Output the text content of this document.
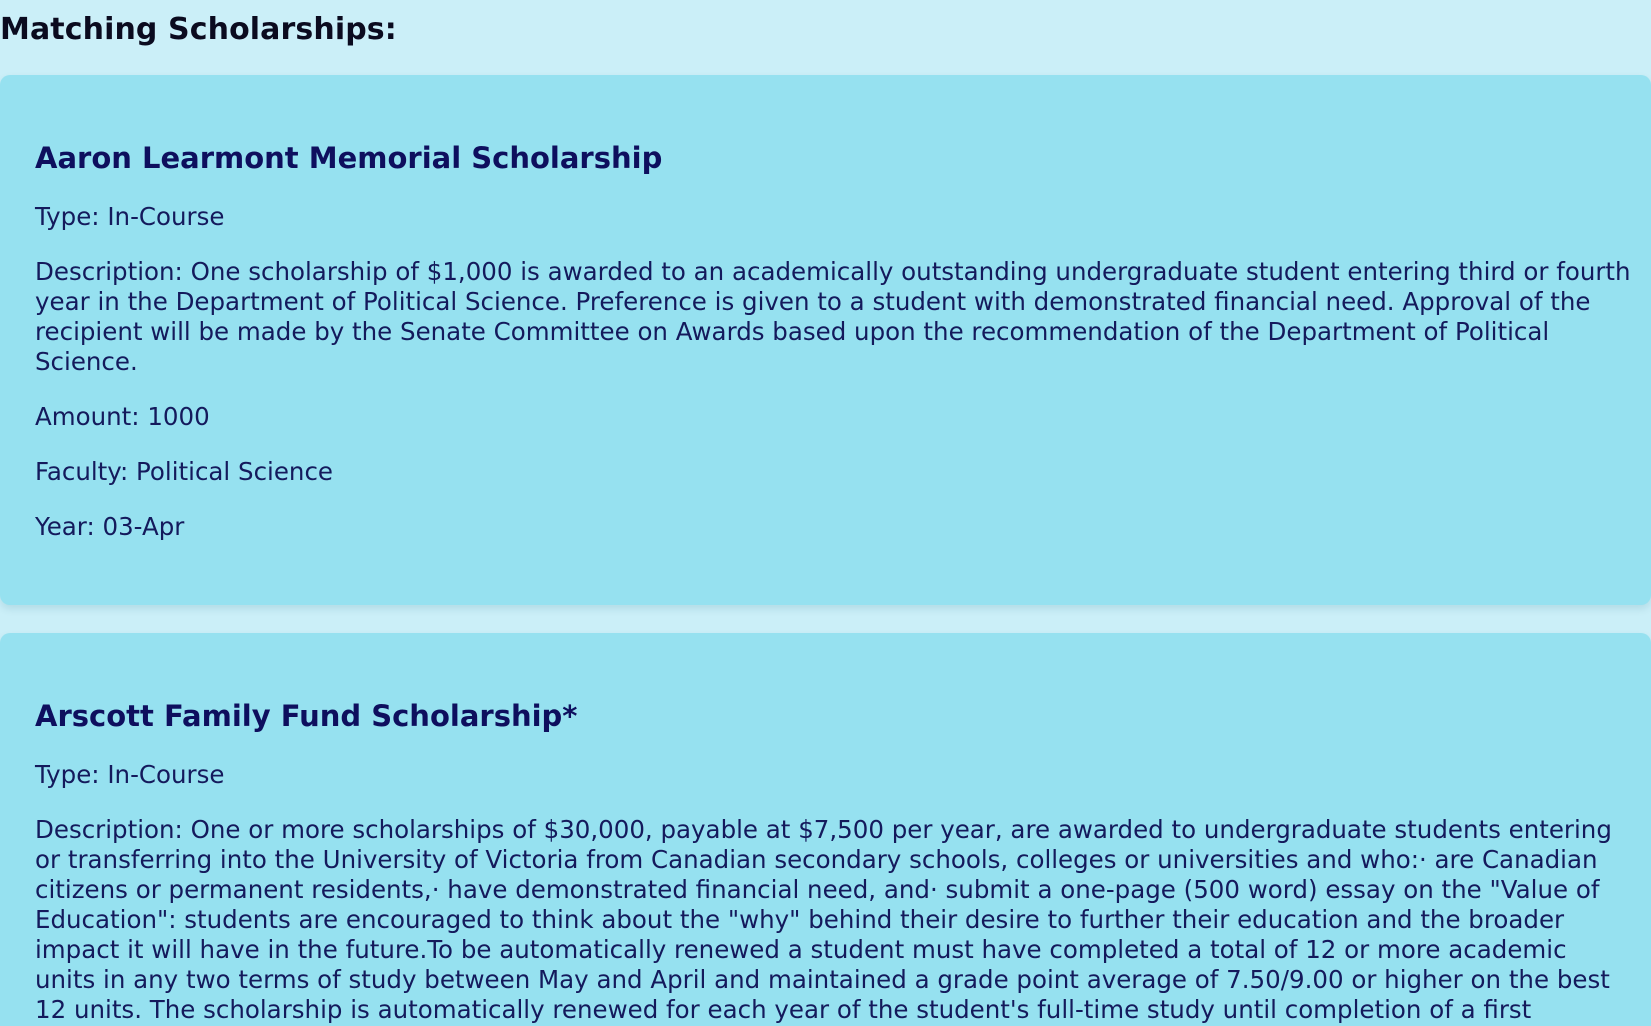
Matching Scholarships:
Aaron Learmont Memorial Scholarship

Type: In-Course

Description: One scholarship of $1,000 is awarded to an academically outstanding undergraduate student entering third or fourth year in the Department of Political Science. Preference is given to a student with demonstrated financial need. Approval of the recipient will be made by the Senate Committee on Awards based upon the recommendation of the Department of Political Science.

Amount: 1000

Faculty: Political Science

Year: 03-Apr

Arscott Family Fund Scholarship*

Type: In-Course

Description: One or more scholarships of $30,000, payable at $7,500 per year, are awarded to undergraduate students entering or transferring into the University of Victoria from Canadian secondary schools, colleges or universities and who:· are Canadian citizens or permanent residents,· have demonstrated financial need, and· submit a one-page (500 word) essay on the "Value of Education": students are encouraged to think about the "why" behind their desire to further their education and the broader impact it will have in the future.To be automatically renewed a student must have completed a total of 12 or more academic units in any two terms of study between May and April and maintained a grade point average of 7.50/9.00 or higher on the best 12 units. The scholarship is automatically renewed for each year of the student's full-time study until completion of a first
